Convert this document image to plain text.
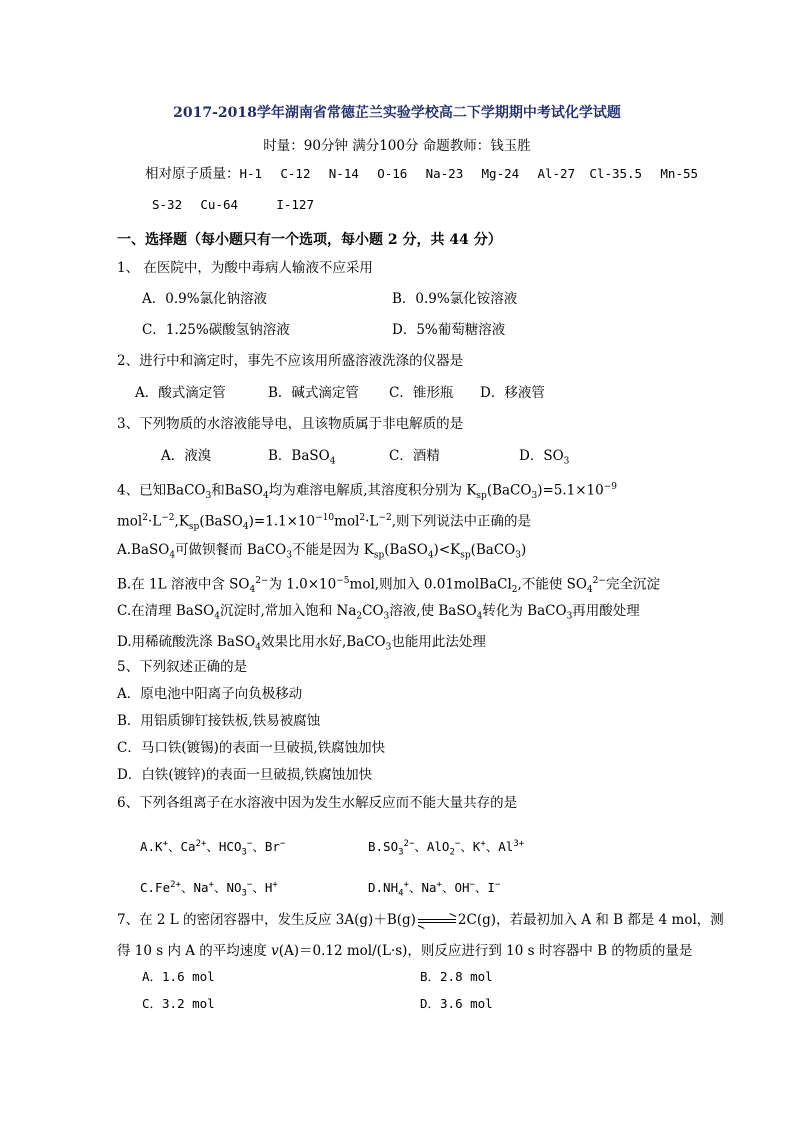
2017-2018学年湖南省常德芷兰实验学校高二下学期期中考试化学试题
时量：90分钟 满分100分 命题教师：钱玉胜
相对原子质量：H-1 C-12 N-14 O-16 Na-23 Mg-24 Al-27 Cl-35.5 Mn-55
S-32 Cu-64	I-127
一、选择题（每小题只有一个选项，每小题 2 分，共 44 分）
1、 在医院中，为酸中毒病人输液不应采用
A．0.9%氯化钠溶液	B．0.9%氯化铵溶液
C．1.25%碳酸氢钠溶液	D．5%葡萄糖溶液
2、进行中和滴定时，事先不应该用所盛溶液洗涤的仪器是
A．酸式滴定管	B．碱式滴定管 C．锥形瓶 D．移液管
3、下列物质的水溶液能导电，且该物质属于非电解质的是
A．液溴	B．BaSO$_4$	C．酒精	D．$SO_3$
4、已知BaCO$_3$和BaSO$_4$均为难溶电解质,其溶度积分别为 $K_{sp}(BaCO_3)=5.1\times 10^{-9}$
$mol^2\cdot L^{-2},K_{sp}(BaSO_4)=1.1\times 10^{-10}mol^2\cdot L^{-2}$,则下列说法中正确的是
A.BaSO$_4$可做钡餐而 BaCO$_3$不能是因为 $K_{sp}(BaSO_4)<K_{sp}(BaCO_3)$
B.在 1L 溶液中含 $SO_4^{2-}$为 $1.0\times 10^{-5}mol$,则加入 0.01molBaCl$_2$,不能使 $SO_4^{2-}$完全沉淀
C.在清理 BaSO$_4$沉淀时,常加入饱和 $Na_2CO_3$溶液,使 BaSO$_4$转化为 BaCO$_3$再用酸处理
D.用稀硫酸洗涤 BaSO$_4$效果比用水好,BaCO$_3$也能用此法处理
5、下列叙述正确的是
A．原电池中阳离子向负极移动
B．用铝质铆钉接铁板,铁易被腐蚀
C．马口铁(镀锡)的表面一旦破损,铁腐蚀加快
D．白铁(镀锌)的表面一旦破损,铁腐蚀加快
6、下列各组离子在水溶液中因为发生水解反应而不能大量共存的是
A.K+、$Ca^{2+}$、$HCO_3^-$、Br−	$B.SO_3^{2-}$、AlO$_2$−、K+、$Al^{3+}$
$C.Fe^{2+}$、Na+、$NO_3^-$、H+	$D.NH_4^+$、Na+、OH−、I−
7、在 2 L 的密闭容器中，发生反应 3A(g)＋B(g)	2C(g)，若最初加入 A 和 B 都是 4 mol，测
得 10 s 内 A 的平均速度 v(A)＝0.12 mol/(L·s)，则反应进行到 10 s 时容器中 B 的物质的量是
A．1.6 mol	B．2.8 mol
C．3.2 mol	D．3.6 mol
